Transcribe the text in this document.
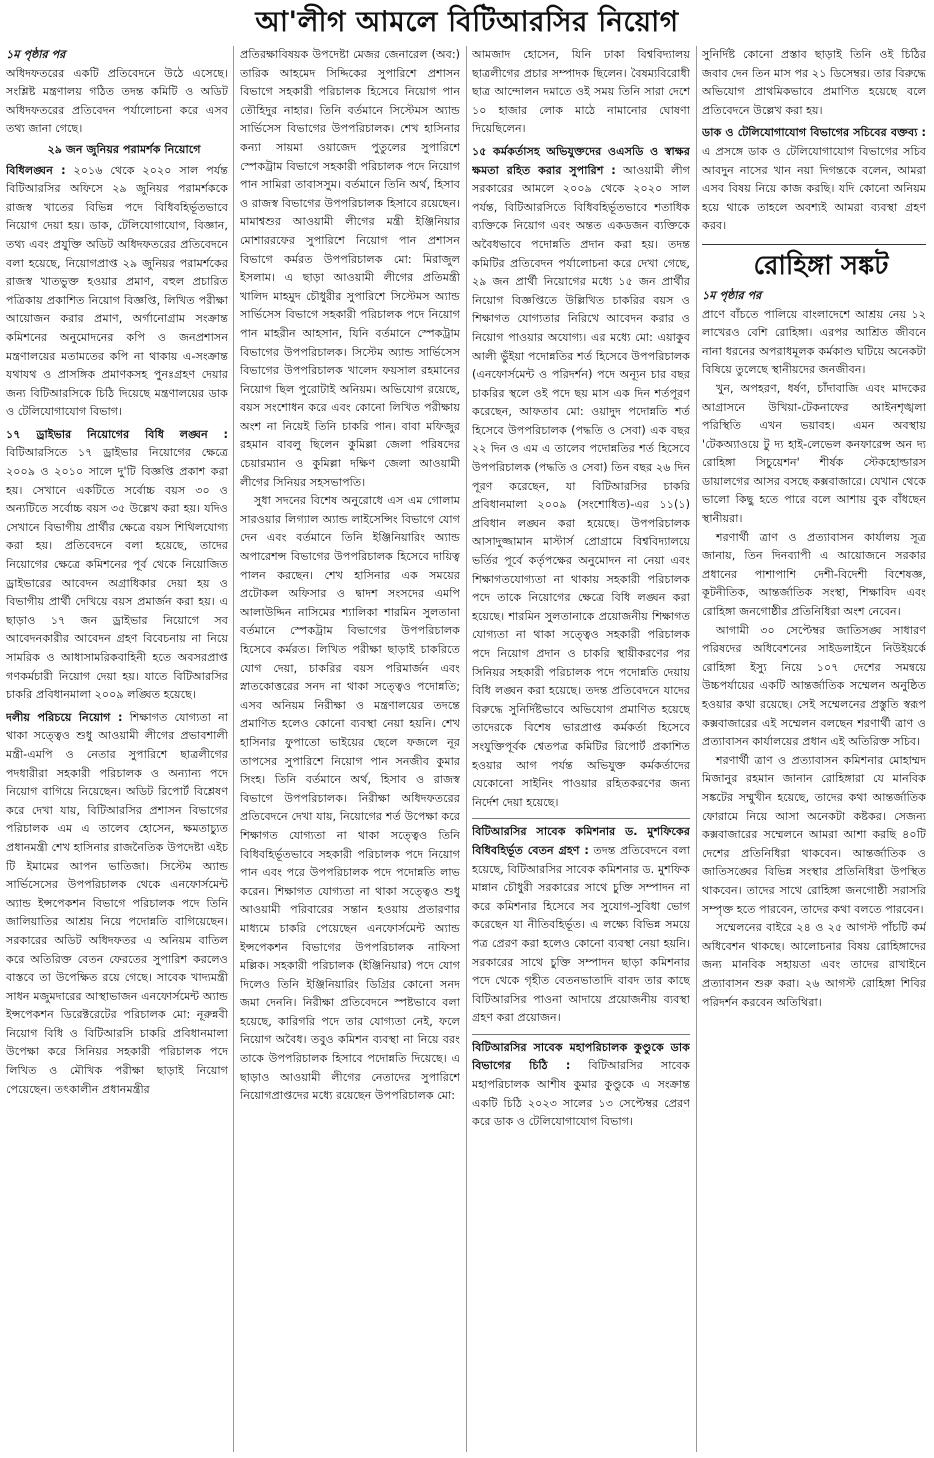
আ'লীগ আমলে বিটিআরসির নিয়োগ

১ম পৃষ্ঠার পর

অধিদফতরের একটি প্রতিবেদনে উঠে এসেছে। সংশ্লিষ্ট মন্ত্রণালয় গঠিত তদন্ত কমিটি ও অডিট অধিদফতরের প্রতিবেদন পর্যালোচনা করে এসব তথ্য জানা গেছে।

২৯ জন জুনিয়র পরামর্শক নিয়োগে

বিধিলঙ্ঘন : ২০১৬ থেকে ২০২০ সাল পর্যন্ত বিটিআরসির অফিসে ২৯ জুনিয়র পরামর্শককে রাজস্ব খাতের বিভিন্ন পদে বিধিবহির্ভূতভাবে নিয়োগ দেয়া হয়। ডাক, টেলিযোগাযোগ, বিজ্ঞান, তথ্য এবং প্রযুক্তি অডিট অধিদফতরের প্রতিবেদনে বলা হয়েছে, নিয়োগপ্রাপ্ত ২৯ জুনিয়র পরামর্শকের রাজস্ব খাতভুক্ত হওয়ার প্রমাণ, বহুল প্রচারিত পত্রিকায় প্রকাশিত নিয়োগ বিজ্ঞপ্তি, লিখিত পরীক্ষা আয়োজন করার প্রমাণ, অর্গানোগ্রাম সংক্রান্ত কমিশনের অনুমোদনের কপি ও জনপ্রশাসন মন্ত্রণালয়ের মতামতের কপি না থাকায় এ-সংক্রান্ত যথাযথ ও প্রাসঙ্গিক প্রমাণকসহ পুনঃগ্রহণ দেয়ার জন্য বিটিআরসিকে চিঠি দিয়েছে মন্ত্রণালয়ের ডাক ও টেলিযোগাযোগ বিভাগ।

১৭ ড্রাইভার নিয়োগের বিধি লঙ্ঘন : বিটিআরসিতে ১৭ ড্রাইভার নিয়োগের ক্ষেত্রে ২০০৯ ও ২০১০ সালে দু'টি বিজ্ঞপ্তি প্রকাশ করা হয়। সেখানে একটিতে সর্বোচ্চ বয়স ৩০ ও অন্যটিতে সর্বোচ্চ বয়স ৩৫ উল্লেখ করা হয়। যদিও সেখানে বিভাগীয় প্রার্থীর ক্ষেত্রে বয়স শিথিলযোগ্য করা হয়। প্রতিবেদনে বলা হয়েছে, তাদের নিয়োগের ক্ষেত্রে কমিশনের পূর্ব থেকে নিয়োজিত ড্রাইভারের আবেদন অগ্রাধিকার দেয়া হয় ও বিভাগীয় প্রার্থী দেখিয়ে বয়স প্রমার্জন করা হয়। এ ছাড়াও ১৭ জন ড্রাইভার নিয়োগে সব আবেদনকারীর আবেদন গ্রহণ বিবেচনায় না নিয়ে সামরিক ও আধাসামরিকবাহিনী হতে অবসরপ্রাপ্ত গণকর্মচারী নিয়োগ দেয়া হয়। যাতে বিটিআরসির চাকরি প্রবিধানমালা ২০০৯ লঙ্ঘিত হয়েছে।

দলীয় পরিচয়ে নিয়োগ : শিক্ষাগত যোগ্যতা না থাকা সত্ত্বেও শুধু আওয়ামী লীগের প্রভাবশালী মন্ত্রী-এমপি ও নেতার সুপারিশে ছাত্রলীগের পদধারীরা সহকারী পরিচালক ও অন্যান্য পদে নিয়োগ বাগিয়ে নিয়েছেন। অডিট রিপোর্ট বিশ্লেষণ করে দেখা যায়, বিটিআরসির প্রশাসন বিভাগের পরিচালক এম এ তালেব হোসেন, ক্ষমতাচ্যুত প্রধানমন্ত্রী শেখ হাসিনার রাজনৈতিক উপদেষ্টা এইচ টি ইমামের আপন ভাতিজা। সিস্টেম অ্যান্ড সার্ভিসেসের উপপরিচালক থেকে এনফোর্সমেন্ট অ্যান্ড ইন্সপেকশন বিভাগে পরিচালক পদে তিনি জালিয়াতির আশ্রয় নিয়ে পদোন্নতি বাগিয়েছেন। সরকারের অডিট অধিদফতর এ অনিয়ম বাতিল করে অতিরিক্ত বেতন ফেরতের সুপারিশ করলেও বাস্তবে তা উপেক্ষিত রয়ে গেছে। সাবেক খাদ্যমন্ত্রী সাধন মজুমদারের আস্থাভাজন এনফোর্সমেন্ট অ্যান্ড ইন্সপেকশন ডিরেক্টরেটের পরিচালক মো: নূরুন্নবী নিয়োগ বিধি ও বিটিআরসি চাকরি প্রবিধানমালা উপেক্ষা করে সিনিয়র সহকারী পরিচালক পদে লিখিত ও মৌখিক পরীক্ষা ছাড়াই নিয়োগ পেয়েছেন। তৎকালীন প্রধানমন্ত্রীর

প্রতিরক্ষাবিষয়ক উপদেষ্টা মেজর জেনারেল (অব:) তারিক আহমেদ সিদ্দিকের সুপারিশে প্রশাসন বিভাগে সহকারী পরিচালক হিসেবে নিয়োগ পান তৌহিদুর নাহার। তিনি বর্তমানে সিস্টেমস অ্যান্ড সার্ভিসেস বিভাগের উপপরিচালক। শেখ হাসিনার কন্যা সায়মা ওয়াজেদ পুতুলের সুপারিশে স্পেকট্রাম বিভাগে সহকারী পরিচালক পদে নিয়োগ পান সামিরা তাবাসসুম। বর্তমানে তিনি অর্থ, হিসাব ও রাজস্ব বিভাগের উপপরিচালক হিসাবে রয়েছেন। মামাশ্বশুর আওয়ামী লীগের মন্ত্রী ইঞ্জিনিয়ার মোশাররফের সুপারিশে নিয়োগ পান প্রশাসন বিভাগে কর্মরত উপপরিচালক মো: মিরাজুল ইসলাম। এ ছাড়া আওয়ামী লীগের প্রতিমন্ত্রী খালিদ মাহমুদ চৌধুরীর সুপারিশে সিস্টেমস অ্যান্ড সার্ভিসেস বিভাগে সহকারী পরিচালক পদে নিয়োগ পান মাহরীন আহসান, যিনি বর্তমানে স্পেকট্রাম বিভাগের উপপরিচালক। সিস্টেম অ্যান্ড সার্ভিসেস বিভাগের উপপরিচালক খালেদ ফয়সাল রহমানের নিয়োগ ছিল পুরোটাই অনিয়ম। অভিযোগ রয়েছে, বয়স সংশোধন করে এবং কোনো লিখিত পরীক্ষায় অংশ না নিয়েই তিনি চাকরি পান। বাবা মফিজুর রহমান বাবলু ছিলেন কুমিল্লা জেলা পরিষদের চেয়ারম্যান ও কুমিল্লা দক্ষিণ জেলা আওয়ামী লীগের সিনিয়র সহসভাপতি।

সুধা সদনের বিশেষ অনুরোধে এস এম গোলাম সারওয়ার লিগ্যাল অ্যান্ড লাইসেন্সিং বিভাগে যোগ দেন এবং বর্তমানে তিনি ইঞ্জিনিয়ারিং অ্যান্ড অপারেশন্স বিভাগের উপপরিচালক হিসেবে দায়িত্ব পালন করছেন। শেখ হাসিনার এক সময়ের প্রটোকল অফিসার ও দ্বাদশ সংসদের এমপি আলাউদ্দিন নাসিমের শ্যালিকা শারমিন সুলতানা বর্তমানে স্পেকট্রাম বিভাগের উপপরিচালক হিসেবে কর্মরত। লিখিত পরীক্ষা ছাড়াই চাকরিতে যোগ দেয়া, চাকরির বয়স পরিমার্জন এবং স্নাতকোত্তরের সনদ না থাকা সত্ত্বেও পদোন্নতি; এসব অনিয়ম নিরীক্ষা ও মন্ত্রণালয়ের তদন্তে প্রমাণিত হলেও কোনো ব্যবস্থা নেয়া হয়নি। শেখ হাসিনার ফুপাতো ভাইয়ের ছেলে ফজলে নূর তাপসের সুপারিশে নিয়োগ পান সনজীব কুমার সিংহ। তিনি বর্তমানে অর্থ, হিসাব ও রাজস্ব বিভাগে উপপরিচালক। নিরীক্ষা অধিদফতরের প্রতিবেদনে দেখা যায়, নিয়োগের শর্ত উপেক্ষা করে শিক্ষাগত যোগ্যতা না থাকা সত্ত্বেও তিনি বিধিবহির্ভূতভাবে সহকারী পরিচালক পদে নিয়োগ পান এবং পরে উপপরিচালক পদে পদোন্নতি লাভ করেন। শিক্ষাগত যোগ্যতা না থাকা সত্ত্বেও শুধু আওয়ামী পরিবারের সন্তান হওয়ায় প্রতারণার মাধ্যমে চাকরি পেয়েছেন এনফোর্সমেন্ট অ্যান্ড ইন্সপেকশন বিভাগের উপপরিচালক নাফিসা মল্লিক। সহকারী পরিচালক (ইঞ্জিনিয়ার) পদে যোগ দিলেও তিনি ইঞ্জিনিয়ারিং ডিগ্রির কোনো সনদ জমা দেননি। নিরীক্ষা প্রতিবেদনে স্পষ্টভাবে বলা হয়েছে, কারিগরি পদে তার যোগ্যতা নেই, ফলে নিয়োগ অবৈধ। তবুও কমিশন ব্যবস্থা না নিয়ে বরং তাকে উপপরিচালক হিসাবে পদোন্নতি দিয়েছে। এ ছাড়াও আওয়ামী লীগের নেতাদের সুপারিশে নিয়োগপ্রাপ্তদের মধ্যে রয়েছেন উপপরিচালক মো:

আমজাদ হোসেন, যিনি ঢাকা বিশ্ববিদ্যালয় ছাত্রলীগের প্রচার সম্পাদক ছিলেন। বৈষম্যবিরোধী ছাত্র আন্দোলন দমাতে ওই সময় তিনি সারা দেশে ১০ হাজার লোক মাঠে নামানোর ঘোষণা দিয়েছিলেন।

১৫ কর্মকর্তাসহ অভিযুক্তদের ওএসডি ও স্বাক্ষর ক্ষমতা রহিত করার সুপারিশ : আওয়ামী লীগ সরকারের আমলে ২০০৯ থেকে ২০২০ সাল পর্যন্ত, বিটিআরসিতে বিধিবহির্ভূতভাবে শতাধিক ব্যক্তিকে নিয়োগ এবং অন্তত একডজন ব্যক্তিকে অবৈধভাবে পদোন্নতি প্রদান করা হয়। তদন্ত কমিটির প্রতিবেদন পর্যালোচনা করে দেখা গেছে, ২৯ জন প্রার্থী নিয়োগের মধ্যে ১৫ জন প্রার্থীর নিয়োগ বিজ্ঞপ্তিতে উল্লিখিত চাকরির বয়স ও শিক্ষাগত যোগ্যতার নিরিখে আবেদন করার ও নিয়োগ পাওয়ার অযোগ্য। এর মধ্যে মো: এয়াকুব আলী ভুঁইয়া পদোন্নতির শর্ত হিসেবে উপপরিচালক (এনফোর্সমেন্ট ও পরিদর্শন) পদে অন্যূন চার বছর চাকরির স্থলে ওই পদে ছয় মাস এক দিন শর্তপূরণ করেছেন, আফতাব মো: ওয়াদুদ পদোন্নতি শর্ত হিসেবে উপপরিচালক (পদ্ধতি ও সেবা) এক বছর ২২ দিন ও এম এ তালেব পদোন্নতির শর্ত হিসেবে উপপরিচালক (পদ্ধতি ও সেবা) তিন বছর ২৬ দিন পূরণ করেছেন, যা বিটিআরসির চাকরি প্রবিধানমালা ২০০৯ (সংশোধিত)-এর ১১(১) প্রবিধান লঙ্ঘন করা হয়েছে। উপপরিচালক আসাদুজ্জামান মাস্টার্স প্রোগ্রামে বিশ্ববিদ্যালয়ে ভর্তির পূর্বে কর্তৃপক্ষের অনুমোদন না নেয়া এবং শিক্ষাগতযোগ্যতা না থাকায় সহকারী পরিচালক পদে তাকে নিয়োগের ক্ষেত্রে বিধি লঙ্ঘন করা হয়েছে। শারমিন সুলতানাকে প্রয়োজনীয় শিক্ষাগত যোগ্যতা না থাকা সত্ত্বেও সহকারী পরিচালক পদে নিয়োগ প্রদান ও চাকরি স্থায়ীকরণের পর সিনিয়র সহকারী পরিচালক পদে পদোন্নতি দেয়ায় বিধি লঙ্ঘন করা হয়েছে। তদন্ত প্রতিবেদনে যাদের বিরুদ্ধে সুনির্দিষ্টভাবে অভিযোগ প্রমাণিত হয়েছে তাদেরকে বিশেষ ভারপ্রাপ্ত কর্মকর্তা হিসেবে সংযুক্তিপূর্বক শ্বেতপত্র কমিটির রিপোর্ট প্রকাশিত হওয়ার আগ পর্যন্ত অভিযুক্ত কর্মকর্তাদের যেকোনো সাইনিং পাওয়ার রহিতকরণের জন্য নির্দেশ দেয়া হয়েছে।

বিটিআরসির সাবেক কমিশনার ড. মুশফিকের বিধিবহির্ভূত বেতন গ্রহণ : তদন্ত প্রতিবেদনে বলা হয়েছে, বিটিআরসির সাবেক কমিশনার ড. মুশফিক মান্নান চৌধুরী সরকারের সাথে চুক্তি সম্পাদন না করে কমিশনার হিসেবে সব সুযোগ-সুবিধা ভোগ করেছেন যা নীতিবহির্ভূত। এ লক্ষ্যে বিভিন্ন সময়ে পত্র প্রেরণ করা হলেও কোনো ব্যবস্থা নেয়া হয়নি। সরকারের সাথে চুক্তি সম্পাদন ছাড়া কমিশনার পদে থেকে গৃহীত বেতনভাতাদি বাবদ তার কাছে বিটিআরসির পাওনা আদায়ে প্রয়োজনীয় ব্যবস্থা গ্রহণ করা প্রয়োজন।

বিটিআরসির সাবেক মহাপরিচালক কুণ্ডুকে ডাক বিভাগের চিঠি : বিটিআরসির সাবেক মহাপরিচালক আশীষ কুমার কুণ্ডুকে এ সংক্রান্ত একটি চিঠি ২০২৩ সালের ১৩ সেপ্টেম্বর প্রেরণ করে ডাক ও টেলিযোগাযোগ বিভাগ।

সুনির্দিষ্ট কোনো প্রস্তাব ছাড়াই তিনি ওই চিঠির জবাব দেন তিন মাস পর ২১ ডিসেম্বর। তার বিরুদ্ধে অভিযোগ প্রাথমিকভাবে প্রমাণিত হয়েছে বলে প্রতিবেদনে উল্লেখ করা হয়।

ডাক ও টেলিযোগাযোগ বিভাগের সচিবের বক্তব্য : এ প্রসঙ্গে ডাক ও টেলিযোগাযোগ বিভাগের সচিব আবদুন নাসের খান নয়া দিগন্তকে বলেন, আমরা এসব বিষয় নিয়ে কাজ করছি। যদি কোনো অনিয়ম হয়ে থাকে তাহলে অবশ্যই আমরা ব্যবস্থা গ্রহণ করব।

রোহিঙ্গা সঙ্কট

১ম পৃষ্ঠার পর

প্রাণে বাঁচতে পালিয়ে বাংলাদেশে আশ্রয় নেয় ১২ লাখেরও বেশি রোহিঙ্গা। এরপর আশ্রিত জীবনে নানা ধরনের অপরাধমূলক কর্মকাণ্ড ঘটিয়ে অনেকটা বিষিয়ে তুলেছে স্থানীয়দের জনজীবন।

খুন, অপহরণ, ধর্ষণ, চাঁদাবাজি এবং মাদকের আগ্রাসনে উখিয়া-টেকনাফের আইনশৃঙ্খলা পরিস্থিতি এখন ভয়াবহ। এমন অবস্থায় 'টেকঅ্যাওয়ে টু দ্য হাই-লেভেল কনফারেন্স অন দ্য রোহিঙ্গা সিচুয়েশন' শীর্ষক স্টেকহোল্ডারস ডায়ালগের আসর বসছে কক্সবাজারে। যেখান থেকে ভালো কিছু হতে পারে বলে আশায় বুক বাঁধছেন স্থানীয়রা।

শরণার্থী ত্রাণ ও প্রত্যাবাসন কার্যালয় সূত্র জানায়, তিন দিনব্যাপী এ আয়োজনে সরকার প্রধানের পাশাপাশি দেশী-বিদেশী বিশেষজ্ঞ, কূটনীতিক, আন্তর্জাতিক সংস্থা, শিক্ষাবিদ এবং রোহিঙ্গা জনগোষ্ঠীর প্রতিনিধিরা অংশ নেবেন।

আগামী ৩০ সেপ্টেম্বর জাতিসঙ্ঘ সাধারণ পরিষদের অধিবেশনের সাইডলাইনে নিউইয়র্কে রোহিঙ্গা ইস্যু নিয়ে ১০৭ দেশের সমন্বয়ে উচ্চপর্যায়ের একটি আন্তর্জাতিক সম্মেলন অনুষ্ঠিত হওয়ার কথা রয়েছে। সেই সম্মেলনের প্রস্তুতি স্বরূপ কক্সবাজারের এই সম্মেলন বলছেন শরণার্থী ত্রাণ ও প্রত্যাবাসন কার্যালয়ের প্রধান এই অতিরিক্ত সচিব।

শরণার্থী ত্রাণ ও প্রত্যাবাসন কমিশনার মোহাম্মদ মিজানুর রহমান জানান রোহিঙ্গারা যে মানবিক সঙ্কটের সম্মুখীন হয়েছে, তাদের কথা আন্তর্জাতিক ফোরামে নিয়ে আসা অনেকটা কষ্টকর। সেজন্য কক্সবাজারের সম্মেলনে আমরা আশা করছি ৪০টি দেশের প্রতিনিধিরা থাকবেন। আন্তর্জাতিক ও জাতিসঙ্ঘের বিভিন্ন সংস্থার প্রতিনিধিরা উপস্থিত থাকবেন। তাদের সাথে রোহিঙ্গা জনগোষ্ঠী সরাসরি সম্পৃক্ত হতে পারবেন, তাদের কথা বলতে পারবেন।

সম্মেলনের বাইরে ২৪ ও ২৫ আগস্ট পাঁচটি কর্ম অধিবেশন থাকছে। আলোচনার বিষয় রোহিঙ্গাদের জন্য মানবিক সহায়তা এবং তাদের রাখাইনে প্রত্যাবাসন শুরু করা। ২৬ আগস্ট রোহিঙ্গা শিবির পরিদর্শন করবেন অতিথিরা।
